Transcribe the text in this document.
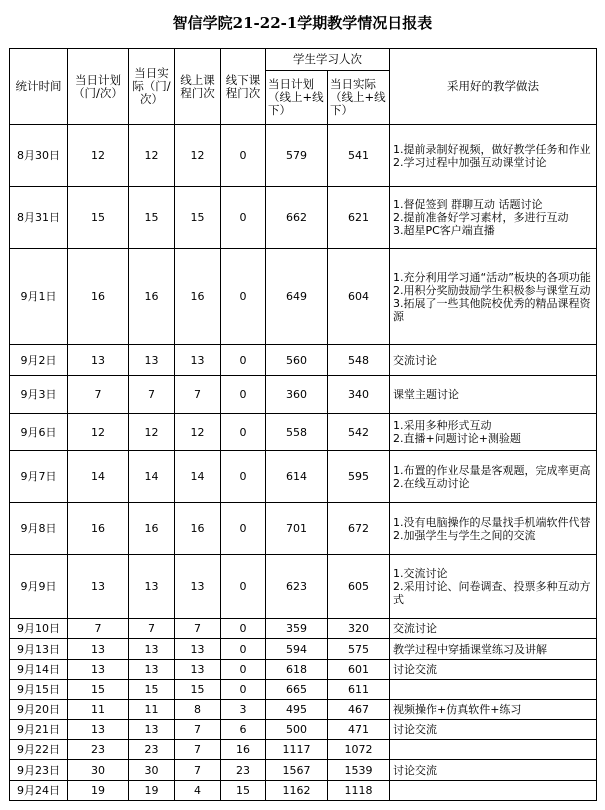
智信学院21-22-1学期教学情况日报表
统计时间	当日计划（门/次）	当日实际（门/次）	线上课程门次	线下课程门次	学生学习人次		采用好的教学做法
					当日计划（线上+线下）	当日实际（线上+线下）	
8月30日	12	12	12	0	579	541	1.提前录制好视频，做好教学任务和作业
2.学习过程中加强互动课堂讨论

8月31日	15	15	15	0	662	621	1.督促签到 群聊互动 话题讨论
2.提前准备好学习素材，多进行互动
3.超星PC客户端直播

9月1日	16	16	16	0	649	604	1.充分利用学习通“活动”板块的各项功能
2.用积分奖励鼓励学生积极参与课堂互动
3.拓展了一些其他院校优秀的精品课程资源

9月2日	13	13	13	0	560	548	交流讨论

9月3日	7	7	7	0	360	340	课堂主题讨论

9月6日	12	12	12	0	558	542	1.采用多种形式互动
2.直播+问题讨论+测验题

9月7日	14	14	14	0	614	595	1.布置的作业尽量是客观题，完成率更高
2.在线互动讨论

9月8日	16	16	16	0	701	672	1.没有电脑操作的尽量找手机端软件代替
2.加强学生与学生之间的交流

9月9日	13	13	13	0	623	605	1.交流讨论
2.采用讨论、问卷调查、投票多种互动方式

9月10日	7	7	7	0	359	320	交流讨论

9月13日	13	13	13	0	594	575	教学过程中穿插课堂练习及讲解

9月14日	13	13	13	0	618	601	讨论交流

9月15日	15	15	15	0	665	611	
9月20日	11	11	8	3	495	467	视频操作+仿真软件+练习

9月21日	13	13	7	6	500	471	讨论交流

9月22日	23	23	7	16	1117	1072	
9月23日	30	30	7	23	1567	1539	讨论交流

9月24日	19	19	4	15	1162	1118	
